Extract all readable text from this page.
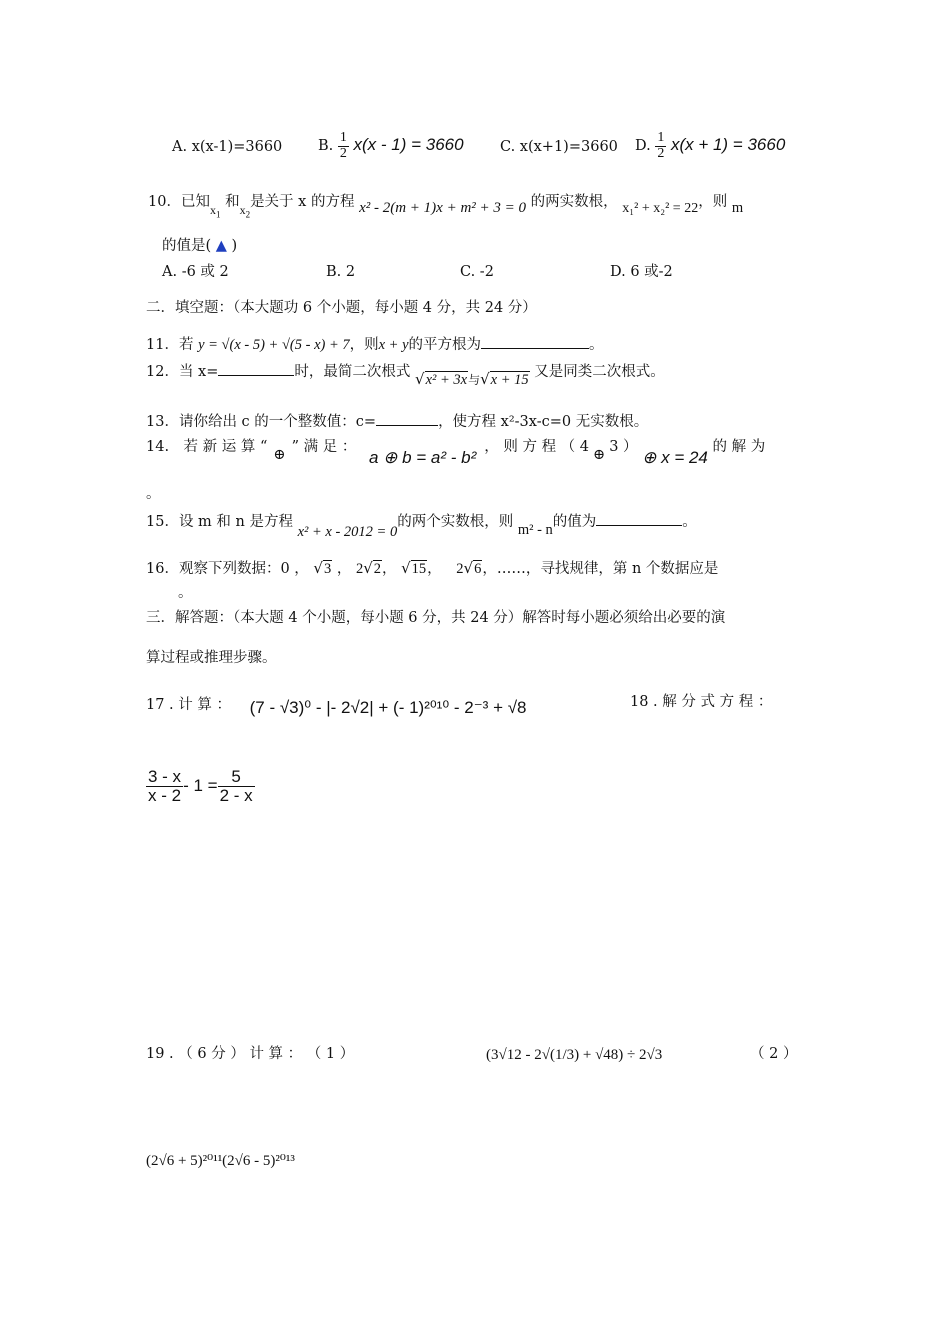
A. x(x-1)=3660 B. $\frac{1}{2} x(x - 1) = 3660$	C. x(x+1)=3660 D. $\frac{1}{2} x(x + 1) = 3660$
10．已知$_{x_1}$ 和$_{x_2}$是关于 x 的方程 x² - 2(m + 1)x + m² + 3 = 0 的两实数根， x₁² + x₂² = 22，则 m
的值是( ▲ )
A. -6 或 2	B. 2	C. -2	D. 6 或-2
二．填空题：（本大题功 6 个小题，每小题 4 分，共 24 分）
11．若 y = √(x - 5) + √(5 - x) + 7，则x + y的平方根为	。
12．当 x=	时，最简二次根式 $√x^2 + 3x_与√x + 15$ 又是同类二次根式。
13．请你给出 c 的一个整数值：c=	，使方程 x²-3x-c=0 无实数根。
14.　若 新 运 算 “ ⊕ ” 满 足 ： a ⊕ b = a² - b²， 则 方 程 （ 4 ⊕ 3 ） ⊕ x = 24 的 解 为
。
15．设 m 和 n 是方程 x² + x - 2012 = 0的两个实数根，则 m² - n的值为	。
16．观察下列数据：0 ， √3 ， 2√2， √15， 2√6，……，寻找规律，第 n 个数据应是
。
三．解答题：（本大题 4 个小题，每小题 6 分，共 24 分）解答时每小题必须给出必要的演
算过程或推理步骤。
17 . 计 算 ： (7 - √3)⁰ - |- 2√2| + (- 1)²⁰¹⁰ - 2⁻³ + √8	18 . 解 分 式 方 程 ：
$\frac{3 - x}{x - 2} - 1 = \frac{5}{2 - x}$
19 . （ 6 分 ） 计 算 ： （ 1 ）	(3√12 - 2√(1/3) + √48) ÷ 2√3	（ 2 ）
(2√6 + 5)²⁰¹¹(2√6 - 5)²⁰¹³
